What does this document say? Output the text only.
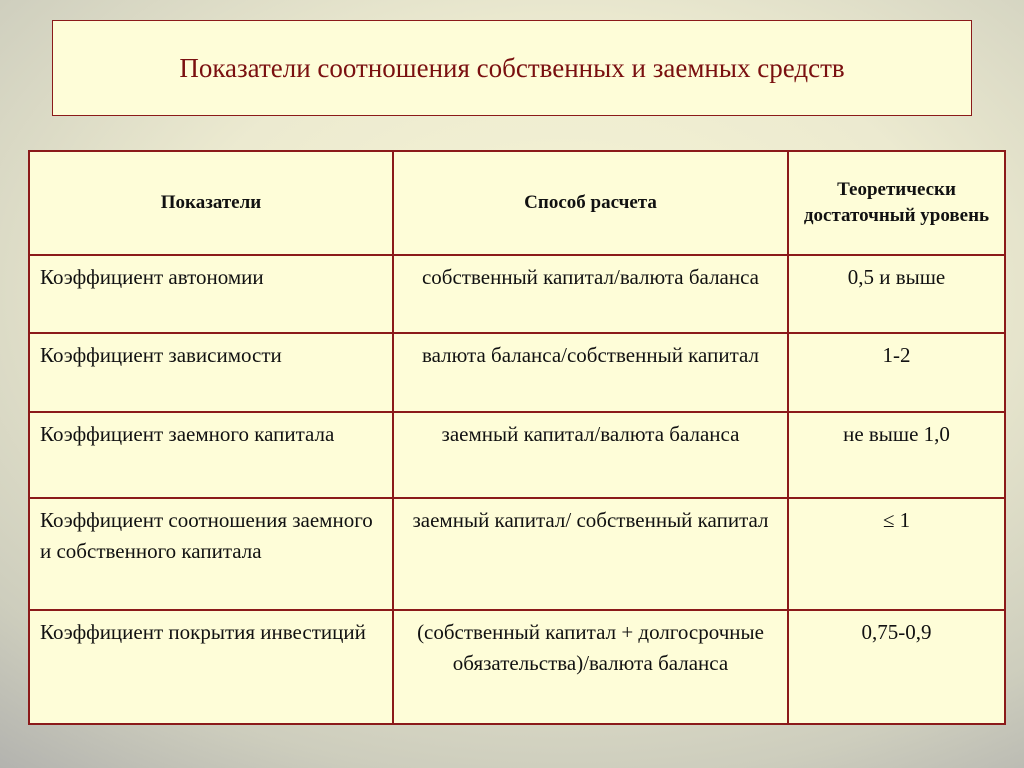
Показатели соотношения собственных и заемных средств
Показатели	Способ расчета	Теоретически достаточный уровень
Коэффициент автономии	собственный капитал/валюта баланса	0,5 и выше
Коэффициент зависимости	валюта баланса/собственный капитал	1-2
Коэффициент заемного капитала	заемный капитал/валюта баланса	не выше 1,0
Коэффициент соотношения заемного и собственного капитала	заемный капитал/ собственный капитал	≤ 1
Коэффициент покрытия инвестиций	(собственный капитал + долгосрочные обязательства)/валюта баланса	0,75-0,9
